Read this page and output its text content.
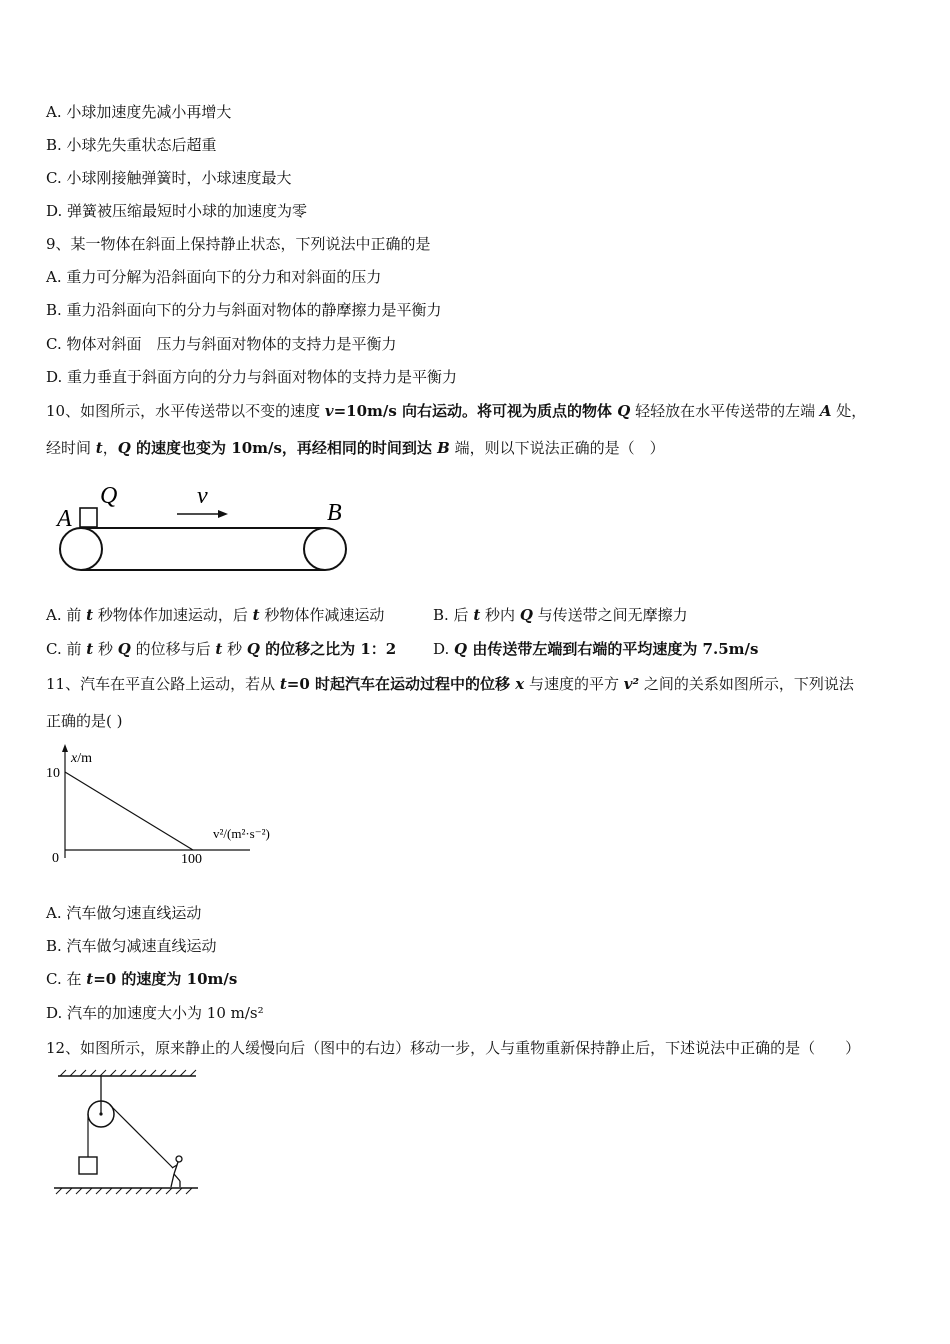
A. 小球加速度先减小再增大
B. 小球先失重状态后超重
C. 小球刚接触弹簧时，小球速度最大
D. 弹簧被压缩最短时小球的加速度为零
9、某一物体在斜面上保持静止状态，下列说法中正确的是
A. 重力可分解为沿斜面向下的分力和对斜面的压力
B. 重力沿斜面向下的分力与斜面对物体的静摩擦力是平衡力
C. 物体对斜面　压力与斜面对物体的支持力是平衡力
D. 重力垂直于斜面方向的分力与斜面对物体的支持力是平衡力
10、如图所示，水平传送带以不变的速度 v=10m/s 向右运动。将可视为质点的物体 Q 轻轻放在水平传送带的左端 A 处，
经时间 t，Q 的速度也变为 10m/s，再经相同的时间到达 B 端，则以下说法正确的是（　）
A
Q	v
B
A. 前 t 秒物体作加速运动，后 t 秒物体作减速运动	B. 后 t 秒内 Q 与传送带之间无摩擦力
C. 前 t 秒 Q 的位移与后 t 秒 Q 的位移之比为 1：2 D. Q 由传送带左端到右端的平均速度为 7.5m/s
11、汽车在平直公路上运动，若从 t=0 时起汽车在运动过程中的位移 x 与速度的平方 v² 之间的关系如图所示，下列说法
正确的是( )
x/m
10
0	100
v²/(m²·s⁻²)
A. 汽车做匀速直线运动
B. 汽车做匀减速直线运动
C. 在 t=0 的速度为 10m/s
D. 汽车的加速度大小为 10 m/s²
12、如图所示，原来静止的人缓慢向后（图中的右边）移动一步，人与重物重新保持静止后，下述说法中正确的是（　　）
